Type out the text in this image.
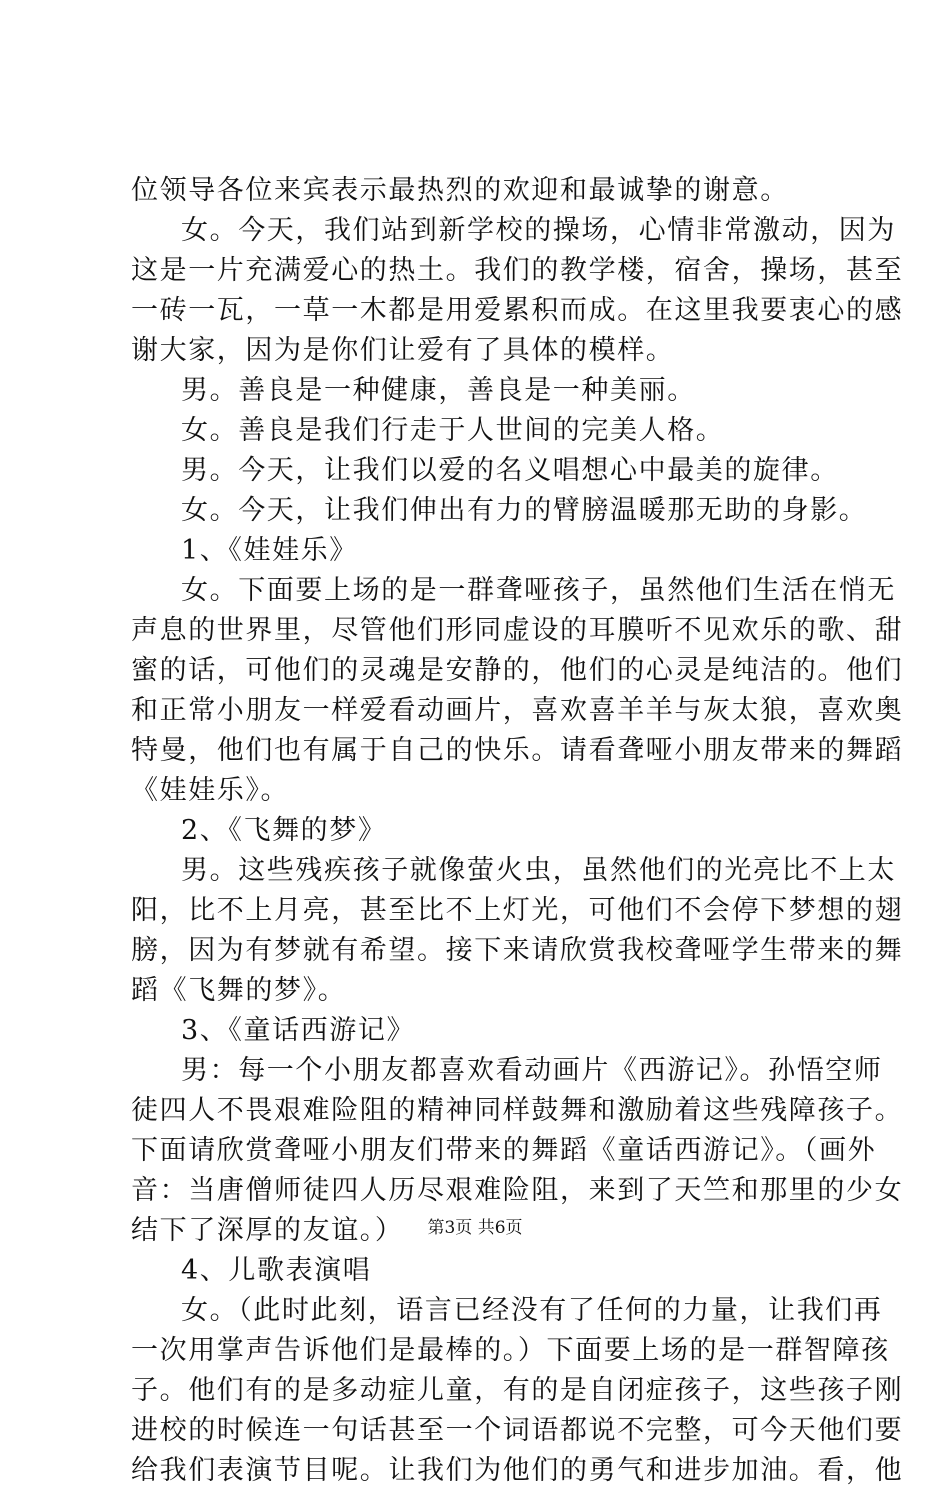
位领导各位来宾表示最热烈的欢迎和最诚挚的谢意。
女。今天，我们站到新学校的操场，心情非常激动，因为
这是一片充满爱心的热土。我们的教学楼，宿舍，操场，甚至
一砖一瓦，一草一木都是用爱累积而成。在这里我要衷心的感
谢大家，因为是你们让爱有了具体的模样。
男。善良是一种健康，善良是一种美丽。
女。善良是我们行走于人世间的完美人格。
男。今天，让我们以爱的名义唱想心中最美的旋律。
女。今天，让我们伸出有力的臂膀温暖那无助的身影。
1、《娃娃乐》
女。下面要上场的是一群聋哑孩子，虽然他们生活在悄无
声息的世界里，尽管他们形同虚设的耳膜听不见欢乐的歌、甜
蜜的话，可他们的灵魂是安静的，他们的心灵是纯洁的。他们
和正常小朋友一样爱看动画片，喜欢喜羊羊与灰太狼，喜欢奥
特曼，他们也有属于自己的快乐。请看聋哑小朋友带来的舞蹈
《娃娃乐》。
2、《飞舞的梦》
男。这些残疾孩子就像萤火虫，虽然他们的光亮比不上太
阳，比不上月亮，甚至比不上灯光，可他们不会停下梦想的翅
膀，因为有梦就有希望。接下来请欣赏我校聋哑学生带来的舞
蹈《飞舞的梦》。
3、《童话西游记》
男：每一个小朋友都喜欢看动画片《西游记》。孙悟空师
徒四人不畏艰难险阻的精神同样鼓舞和激励着这些残障孩子。
下面请欣赏聋哑小朋友们带来的舞蹈《童话西游记》。（画外
音：当唐僧师徒四人历尽艰难险阻，来到了天竺和那里的少女
结下了深厚的友谊。）
4、儿歌表演唱
女。（此时此刻，语言已经没有了任何的力量，让我们再
一次用掌声告诉他们是最棒的。）下面要上场的是一群智障孩
子。他们有的是多动症儿童，有的是自闭症孩子，这些孩子刚
进校的时候连一句话甚至一个词语都说不完整，可今天他们要
给我们表演节目呢。让我们为他们的勇气和进步加油。看，他
第3页 共6页
